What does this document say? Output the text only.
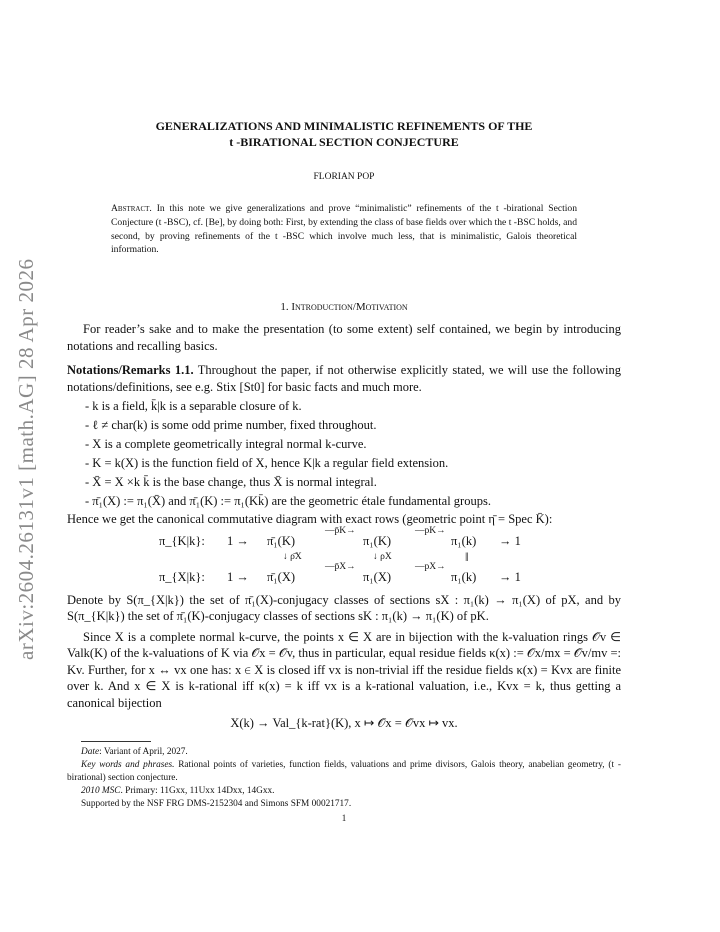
arXiv:2604.26131v1 [math.AG] 28 Apr 2026

GENERALIZATIONS AND MINIMALISTIC REFINEMENTS OF THE
t -BIRATIONAL SECTION CONJECTURE

FLORIAN POP
Abstract. In this note we give generalizations and prove “minimalistic” refinements of the t -birational Section Conjecture (t -BSC), cf. [Be], by doing both: First, by extending the class of base fields over which the t -BSC holds, and second, by proving refinements of the t -BSC which involve much less, that is minimalistic, Galois theoretical information.
1. Introduction/Motivation

For reader’s sake and to make the presentation (to some extent) self contained, we begin by introducing notations and recalling basics.

Notations/Remarks 1.1. Throughout the paper, if not otherwise explicitly stated, we will use the following notations/definitions, see e.g. Stix [St0] for basic facts and much more.

- k is a field, k̄|k is a separable closure of k.
- ℓ ≠ char(k) is some odd prime number, fixed throughout.
- X is a complete geometrically integral normal k-curve.
- K = k(X) is the function field of X, hence K|k a regular field extension.
- X̄ = X ×k k̄ is the base change, thus X̄ is normal integral.
- π̄₁(X) := π₁(X̄) and π̄₁(K) := π₁(Kk̄) are the geometric étale fundamental groups.

Hence we get the canonical commutative diagram with exact rows (geometric point η̄ = Spec K̄):

π_{K|k}: 1 → π̄₁(K)
—p̄K→
π₁(K)
—pK→
π₁(k) → 1
↓ ρ̄X	↓ ρX	‖
π_{X|k}: 1 → π̄₁(X)
—p̄X→
π₁(X)
—pX→
π₁(k) → 1

Denote by S(π_{X|k}) the set of π̄₁(X)-conjugacy classes of sections sX : π₁(k) → π₁(X) of pX, and by S(π_{K|k}) the set of π̄₁(K)-conjugacy classes of sections sK : π₁(k) → π₁(K) of pK.

Since X is a complete normal k-curve, the points x ∈ X are in bijection with the k-valuation rings 𝒪v ∈ Valk(K) of the k-valuations of K via 𝒪x = 𝒪v, thus in particular, equal residue fields κ(x) := 𝒪x/mx = 𝒪v/mv =: Kv. Further, for x ↔ vx one has: x ∈ X is closed iff vx is non-trivial iff the residue fields κ(x) = Kvx are finite over k. And x ∈ X is k-rational iff κ(x) = k iff vx is a k-rational valuation, i.e., Kvx = k, thus getting a canonical bijection

X(k) → Val_{k-rat}(K), x ↦ 𝒪x = 𝒪vx ↦ vx.

Date: Variant of April, 2027.

Key words and phrases. Rational points of varieties, function fields, valuations and prime divisors, Galois theory, anabelian geometry, (t -birational) section conjecture.

2010 MSC. Primary: 11Gxx, 11Uxx 14Dxx, 14Gxx.

Supported by the NSF FRG DMS-2152304 and Simons SFM 00021717.

1
